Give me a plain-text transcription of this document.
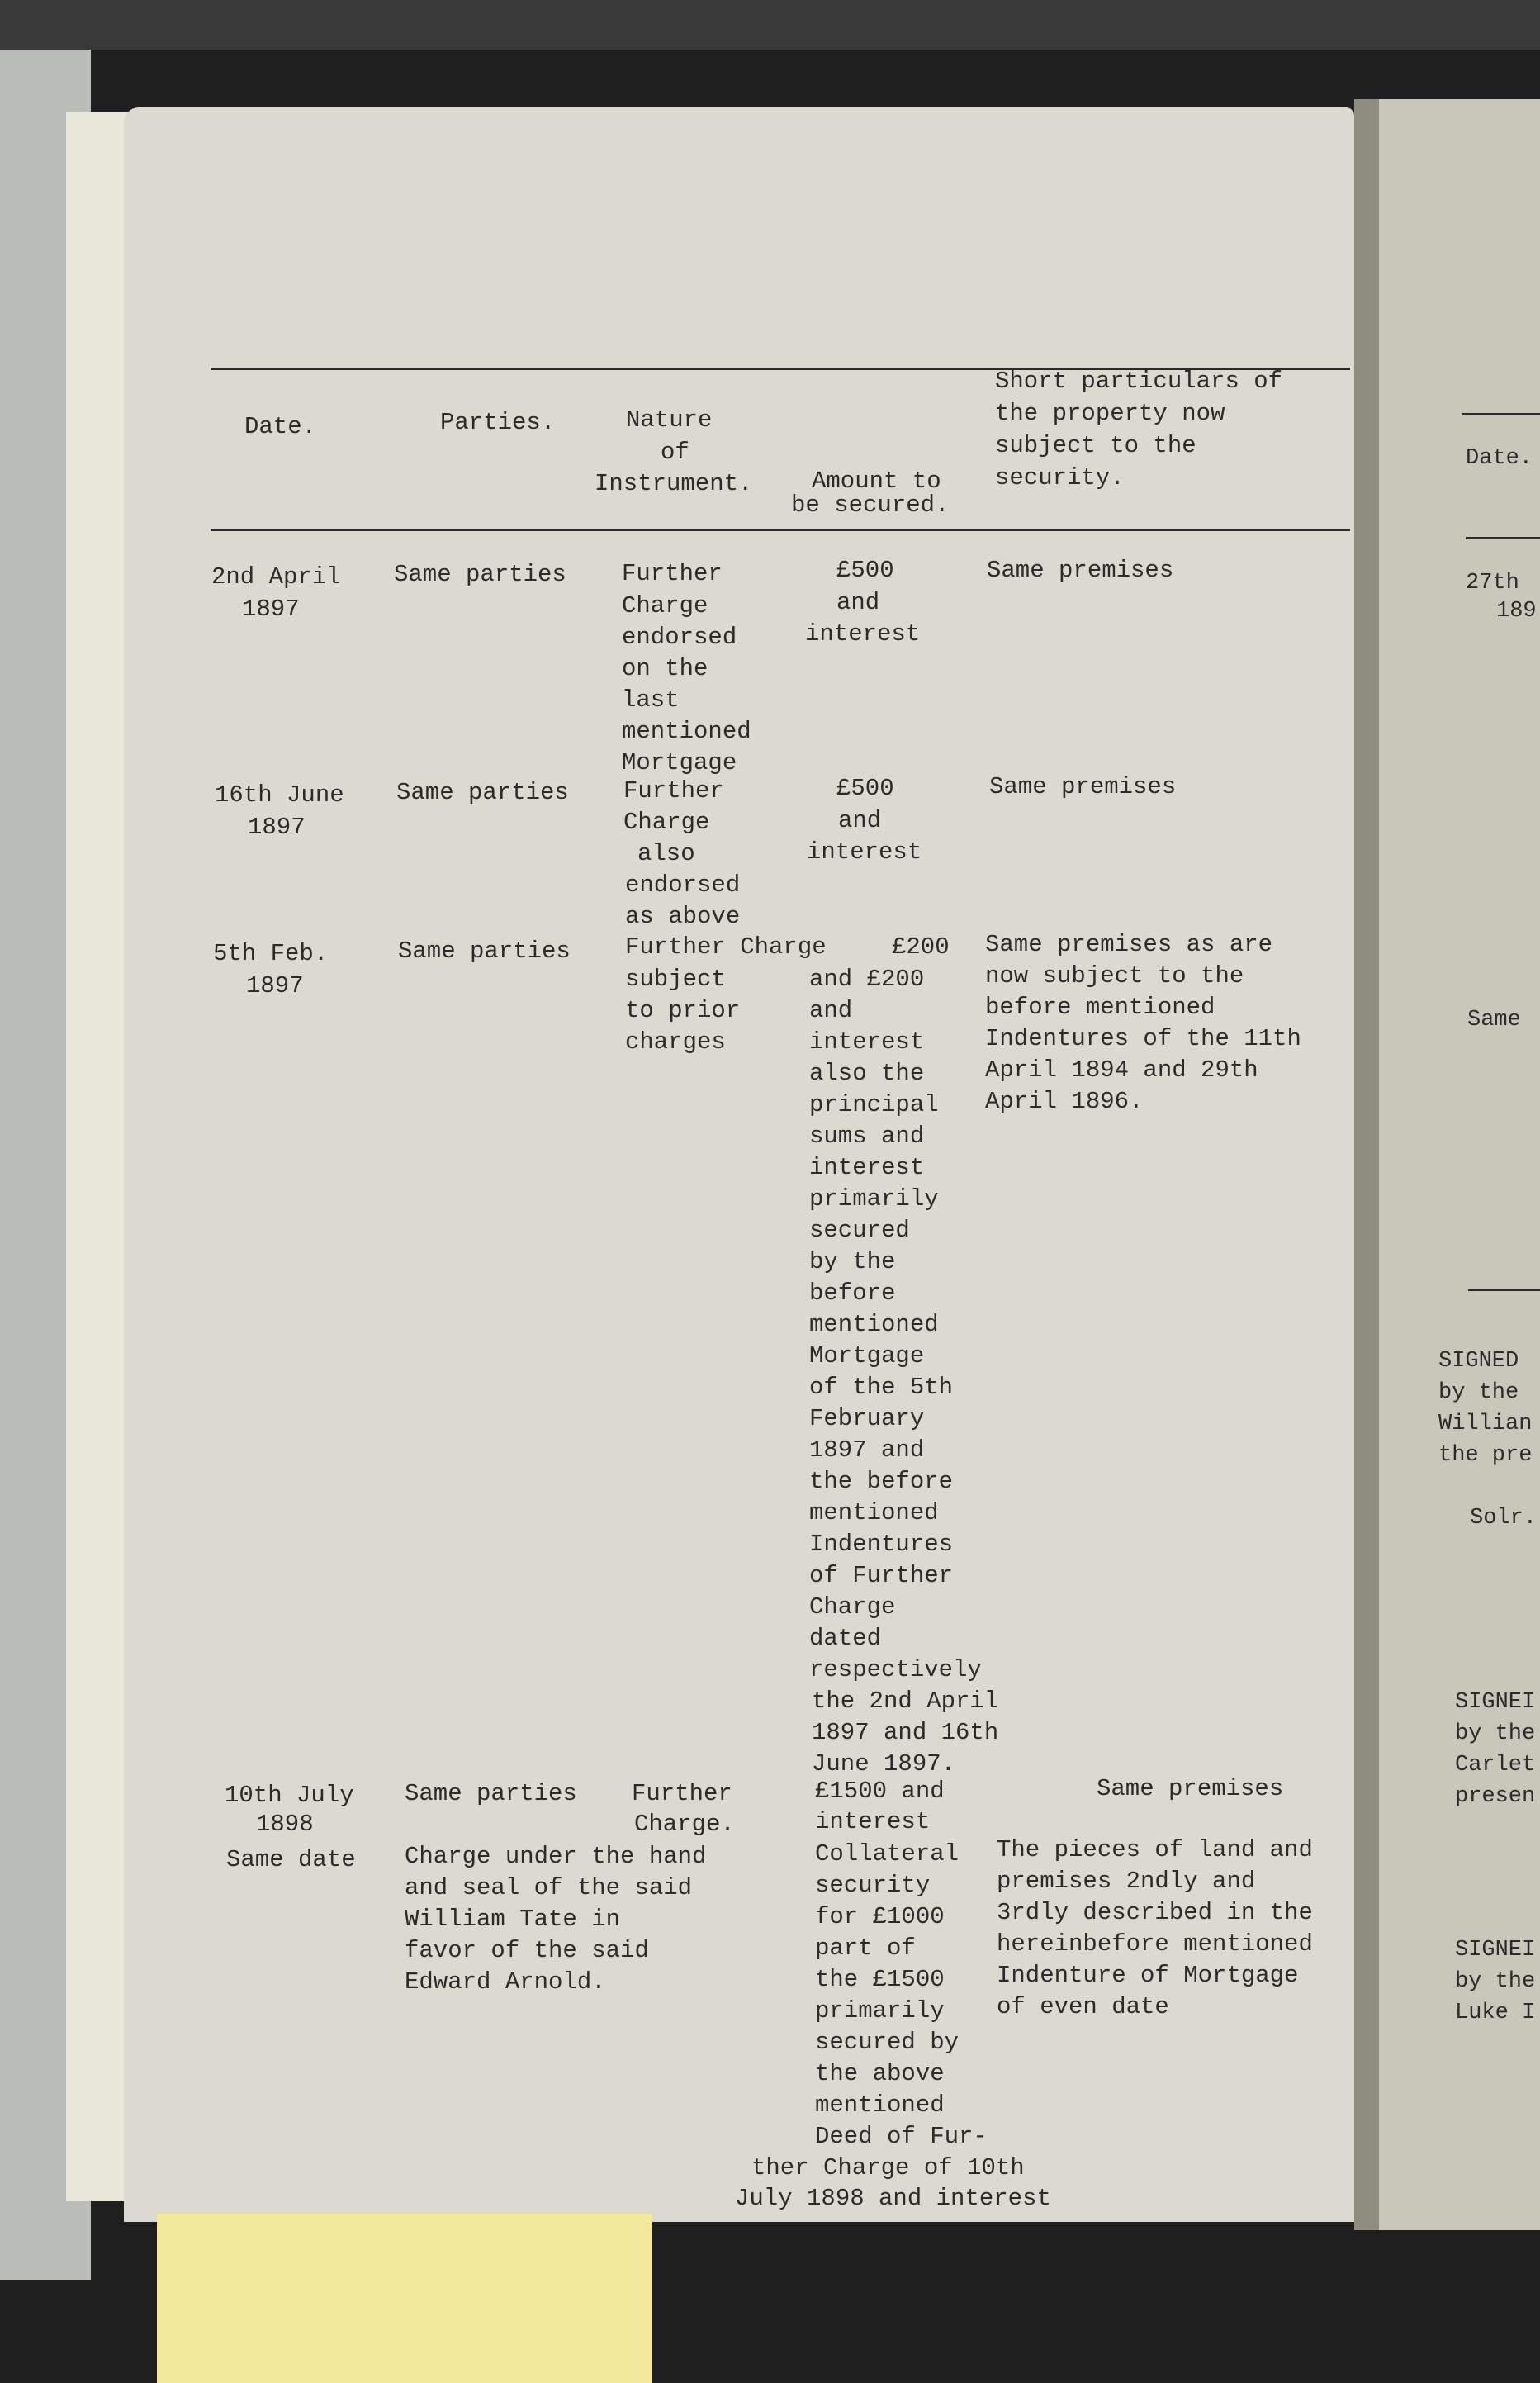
Date.	Parties.	Nature
of
Instrument. Amount to
be secured.
Short particulars of
the property now
subject to the
security.
2nd April
1897
Same parties Further
Charge
endorsed
on the
last
mentioned
Mortgage
£500
and
interest
Same premises
16th June
1897
Same parties Further
Charge
also
endorsed
as above
£500
and
interest
Same premises
5th Feb.
1897
Same parties Further Charge
subject
to prior
charges
£200
and £200
and
interest
also the
principal
sums and
interest
primarily
secured
by the
before
mentioned
Mortgage
of the 5th
February
1897 and
the before
mentioned
Indentures
of Further
Charge
dated
respectively
the 2nd April
1897 and 16th
June 1897.
Same premises as are
now subject to the
before mentioned
Indentures of the 11th
April 1894 and 29th
April 1896.
10th July
1898
Same parties Further
Charge.
£1500 and
interest
Same premises
Same date Charge under the hand
and seal of the said
William Tate in
favor of the said
Edward Arnold.
Collateral
security
for £1000
part of
the £1500
primarily
secured by
the above
mentioned
Deed of Fur-
ther Charge of 10th
July 1898 and interest
The pieces of land and
premises 2ndly and
3rdly described in the
hereinbefore mentioned
Indenture of Mortgage
of even date
Date.
27th
189
Same
SIGNED
by the
Willian
the pre
Solr.
SIGNEI
by the
Carlet
presen
SIGNEI
by the
Luke I
